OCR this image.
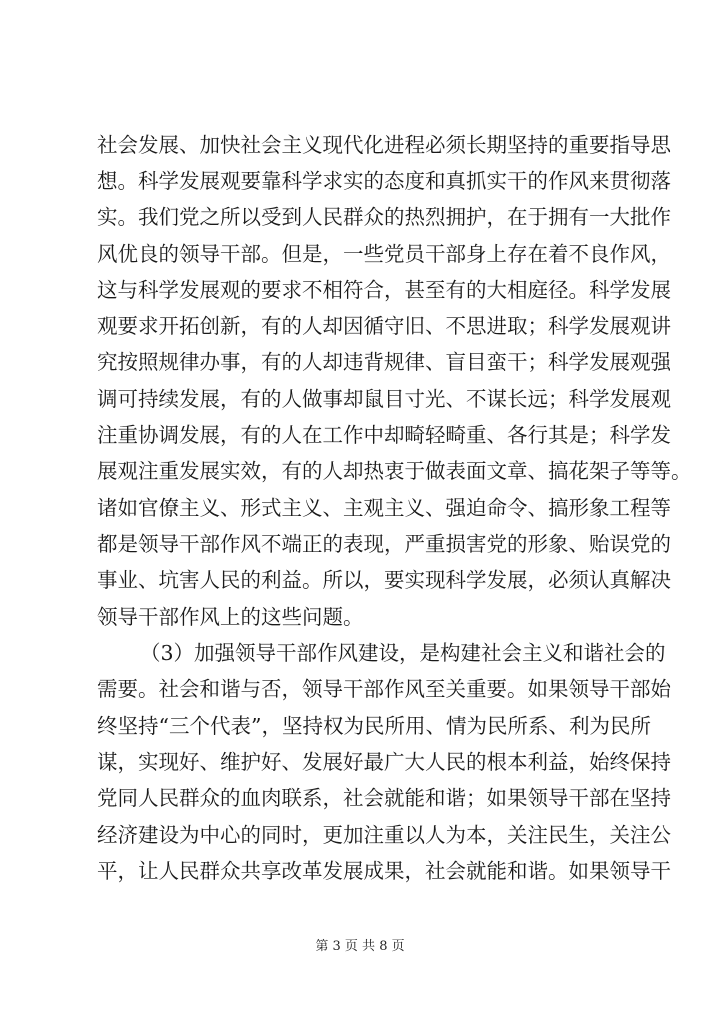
社会发展、加快社会主义现代化进程必须长期坚持的重要指导思
想。科学发展观要靠科学求实的态度和真抓实干的作风来贯彻落
实。我们党之所以受到人民群众的热烈拥护，在于拥有一大批作
风优良的领导干部。但是，一些党员干部身上存在着不良作风，
这与科学发展观的要求不相符合，甚至有的大相庭径。科学发展
观要求开拓创新，有的人却因循守旧、不思进取；科学发展观讲
究按照规律办事，有的人却违背规律、盲目蛮干；科学发展观强
调可持续发展，有的人做事却鼠目寸光、不谋长远；科学发展观
注重协调发展，有的人在工作中却畸轻畸重、各行其是；科学发
展观注重发展实效，有的人却热衷于做表面文章、搞花架子等等。
诸如官僚主义、形式主义、主观主义、强迫命令、搞形象工程等
都是领导干部作风不端正的表现，严重损害党的形象、贻误党的
事业、坑害人民的利益。所以，要实现科学发展，必须认真解决
领导干部作风上的这些问题。
（3）加强领导干部作风建设，是构建社会主义和谐社会的
需要。社会和谐与否，领导干部作风至关重要。如果领导干部始
终坚持“三个代表”，坚持权为民所用、情为民所系、利为民所
谋，实现好、维护好、发展好最广大人民的根本利益，始终保持
党同人民群众的血肉联系，社会就能和谐；如果领导干部在坚持
经济建设为中心的同时，更加注重以人为本，关注民生，关注公
平，让人民群众共享改革发展成果，社会就能和谐。如果领导干
第 3 页 共 8 页
